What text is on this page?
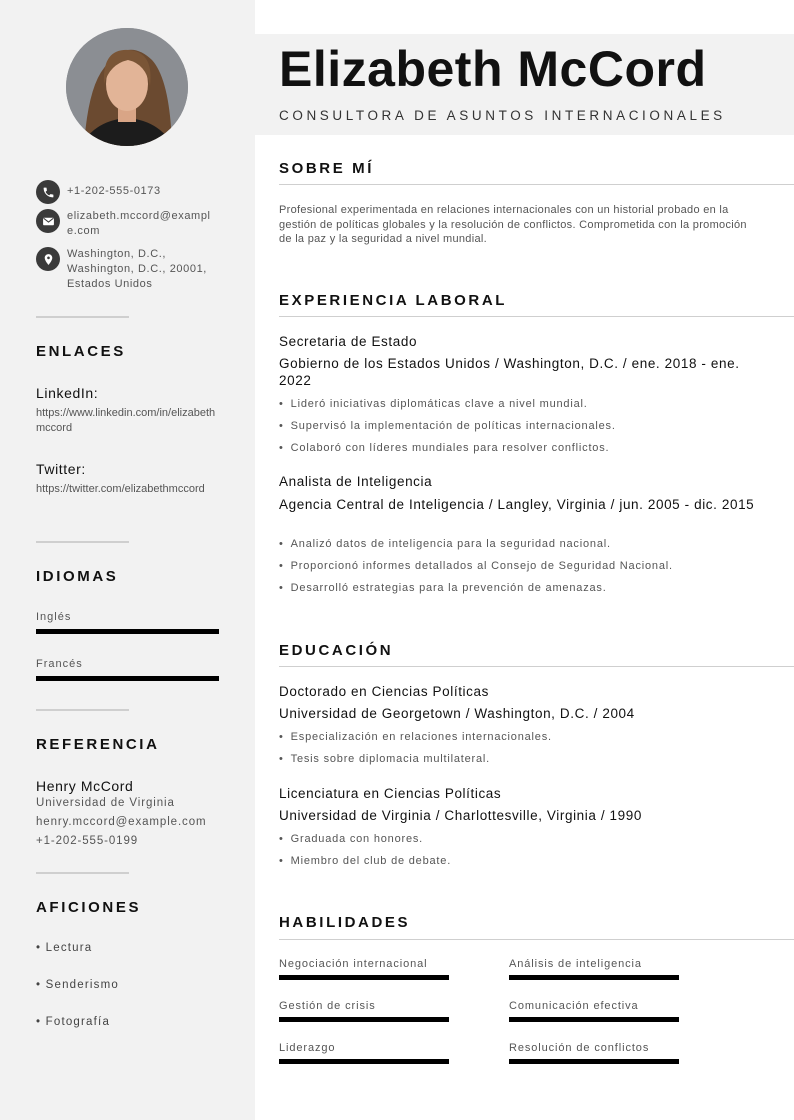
+1-202-555-0173
elizabeth.mccord@example.com
Washington, D.C., Washington, D.C., 20001, Estados Unidos
ENLACES
LinkedIn:
https://www.linkedin.com/in/elizabethmccord
Twitter:
https://twitter.com/elizabethmccord
IDIOMAS
Inglés
Francés
REFERENCIA
Henry McCord
Universidad de Virginia
henry.mccord@example.com
+1-202-555-0199
AFICIONES
• Lectura
• Senderismo
• Fotografía
Elizabeth McCord
CONSULTORA DE ASUNTOS INTERNACIONALES
SOBRE MÍ
Profesional experimentada en relaciones internacionales con un historial probado en la gestión de políticas globales y la resolución de conflictos. Comprometida con la promoción de la paz y la seguridad a nivel mundial.
EXPERIENCIA LABORAL
Secretaria de Estado
Gobierno de los Estados Unidos / Washington, D.C. / ene. 2018 - ene. 2022
• Lideró iniciativas diplomáticas clave a nivel mundial.
• Supervisó la implementación de políticas internacionales.
• Colaboró con líderes mundiales para resolver conflictos.
Analista de Inteligencia
Agencia Central de Inteligencia / Langley, Virginia / jun. 2005 - dic. 2015
• Analizó datos de inteligencia para la seguridad nacional.
• Proporcionó informes detallados al Consejo de Seguridad Nacional.
• Desarrolló estrategias para la prevención de amenazas.
EDUCACIÓN
Doctorado en Ciencias Políticas
Universidad de Georgetown / Washington, D.C. / 2004
• Especialización en relaciones internacionales.
• Tesis sobre diplomacia multilateral.
Licenciatura en Ciencias Políticas
Universidad de Virginia / Charlottesville, Virginia / 1990
• Graduada con honores.
• Miembro del club de debate.
HABILIDADES
Negociación internacional	Análisis de inteligencia
Gestión de crisis	Comunicación efectiva
Liderazgo	Resolución de conflictos
